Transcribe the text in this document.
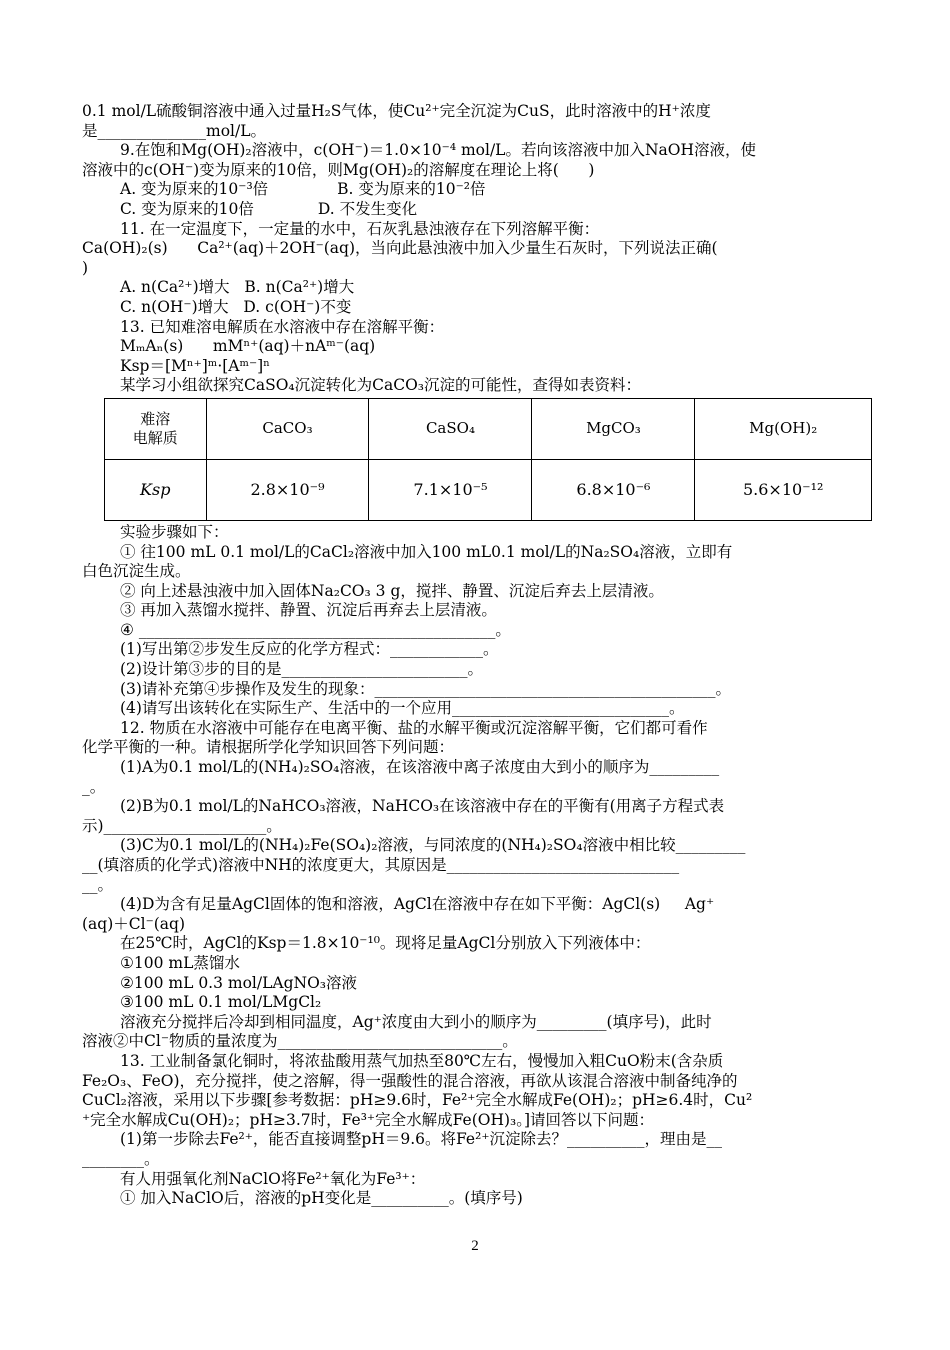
0.1 mol/L硫酸铜溶液中通入过量H₂S气体，使Cu²⁺完全沉淀为CuS，此时溶液中的H⁺浓度
是______________mol/L。
9.在饱和Mg(OH)₂溶液中，c(OH⁻)＝1.0×10⁻⁴ mol/L。若向该溶液中加入NaOH溶液，使
溶液中的c(OH⁻)变为原来的10倍，则Mg(OH)₂的溶解度在理论上将(      )
A. 变为原来的10⁻³倍              B. 变为原来的10⁻²倍
C. 变为原来的10倍             D. 不发生变化
11. 在一定温度下，一定量的水中，石灰乳悬浊液存在下列溶解平衡：
Ca(OH)₂(s)      Ca²⁺(aq)＋2OH⁻(aq)，当向此悬浊液中加入少量生石灰时，下列说法正确(
)
A. n(Ca²⁺)增大   B. n(Ca²⁺)增大
C. n(OH⁻)增大   D. c(OH⁻)不变
13. 已知难溶电解质在水溶液中存在溶解平衡：
MₘAₙ(s)      mMⁿ⁺(aq)＋nAᵐ⁻(aq)
Ksp＝[Mⁿ⁺]ᵐ·[Aᵐ⁻]ⁿ
某学习小组欲探究CaSO₄沉淀转化为CaCO₃沉淀的可能性，查得如表资料：
难溶
电解质	CaCO₃	CaSO₄	MgCO₃	Mg(OH)₂
Ksp	2.8×10⁻⁹	7.1×10⁻⁵	6.8×10⁻⁶	5.6×10⁻¹²
实验步骤如下：
① 往100 mL 0.1 mol/L的CaCl₂溶液中加入100 mL0.1 mol/L的Na₂SO₄溶液，立即有
白色沉淀生成。
② 向上述悬浊液中加入固体Na₂CO₃ 3 g，搅拌、静置、沉淀后弃去上层清液。
③ 再加入蒸馏水搅拌、静置、沉淀后再弃去上层清液。
④ ______________________________________________。
(1)写出第②步发生反应的化学方程式：____________。
(2)设计第③步的目的是________________________。
(3)请补充第④步操作及发生的现象：____________________________________________。
(4)请写出该转化在实际生产、生活中的一个应用____________________________。
12. 物质在水溶液中可能存在电离平衡、盐的水解平衡或沉淀溶解平衡，它们都可看作
化学平衡的一种。请根据所学化学知识回答下列问题：
(1)A为0.1 mol/L的(NH₄)₂SO₄溶液，在该溶液中离子浓度由大到小的顺序为_________
_。
(2)B为0.1 mol/L的NaHCO₃溶液，NaHCO₃在该溶液中存在的平衡有(用离子方程式表
示)_____________________。
(3)C为0.1 mol/L的(NH₄)₂Fe(SO₄)₂溶液，与同浓度的(NH₄)₂SO₄溶液中相比较_________
__(填溶质的化学式)溶液中NH的浓度更大，其原因是______________________________
__。
(4)D为含有足量AgCl固体的饱和溶液，AgCl在溶液中存在如下平衡：AgCl(s)     Ag⁺
(aq)＋Cl⁻(aq)
在25℃时，AgCl的Ksp＝1.8×10⁻¹⁰。现将足量AgCl分别放入下列液体中：
①100 mL蒸馏水
②100 mL 0.3 mol/LAgNO₃溶液
③100 mL 0.1 mol/LMgCl₂
溶液充分搅拌后冷却到相同温度，Ag⁺浓度由大到小的顺序为_________(填序号)，此时
溶液②中Cl⁻物质的量浓度为_____________________________。
13. 工业制备氯化铜时，将浓盐酸用蒸气加热至80℃左右，慢慢加入粗CuO粉末(含杂质
Fe₂O₃、FeO)，充分搅拌，使之溶解，得一强酸性的混合溶液，再欲从该混合溶液中制备纯净的
CuCl₂溶液，采用以下步骤[参考数据：pH≥9.6时，Fe²⁺完全水解成Fe(OH)₂；pH≥6.4时，Cu²
⁺完全水解成Cu(OH)₂；pH≥3.7时，Fe³⁺完全水解成Fe(OH)₃。]请回答以下问题：
(1)第一步除去Fe²⁺，能否直接调整pH＝9.6。将Fe²⁺沉淀除去？__________，理由是__
________。
有人用强氧化剂NaClO将Fe²⁺氧化为Fe³⁺：
① 加入NaClO后，溶液的pH变化是__________。(填序号)
2
